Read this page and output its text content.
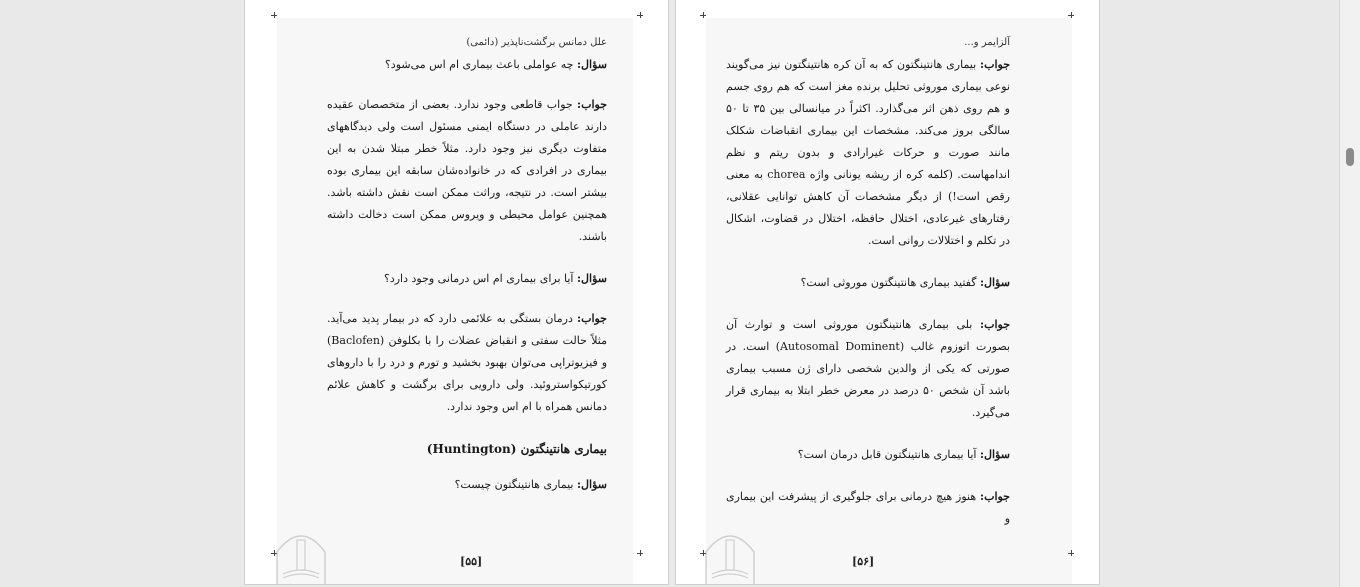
علل دمانس برگشت‌ناپذیر (دائمی)
سؤال: چه عواملی باعث بیماری ام اس می‌شود؟
جواب: جواب قاطعی وجود ندارد. بعضی از متخصصان عقیده دارند عاملی در دستگاه ایمنی مسئول است ولی دیدگاههای متفاوت دیگری نیز وجود دارد. مثلاً خطر مبتلا شدن به این بیماری در افرادی که در خانواده‌شان سابقه این بیماری بوده بیشتر است. در نتیجه، وراثت ممکن است نقش داشته باشد. همچنین عوامل محیطی و ویروس ممکن است دخالت داشته باشند.
سؤال: آیا برای بیماری ام اس درمانی وجود دارد؟
جواب: درمان بستگی به علائمی دارد که در بیمار پدید می‌آید. مثلاً حالت سفتی و انقباض عضلات را با بکلوفن (Baclofen) و فیزیوتراپی می‌توان بهبود بخشید و تورم و درد را با داروهای کورتیکواستروئید. ولی دارویی برای برگشت و کاهش علائم دمانس همراه با ام اس وجود ندارد.
بیماری هانتینگتون (Huntington)
سؤال: بیماری هانتینگتون چیست؟
[۵۵]
آلزایمر و...
جواب: بیماری هانتینگتون که به آن کره هانتینگتون نیز می‌گویند نوعی بیماری موروثی تحلیل برنده مغز است که هم روی جسم و هم روی ذهن اثر می‌گذارد. اکثراً در میانسالی بین ۳۵ تا ۵۰ سالگی بروز می‌کند. مشخصات این بیماری انقباضات شکلک مانند صورت و حرکات غیرارادی و بدون ریتم و نظم اندامهاست. (کلمه کره از ریشه یونانی واژه chorea به معنی رقص است!) از دیگر مشخصات آن کاهش توانایی عقلانی، رفتارهای غیرعادی، اختلال حافظه، اختلال در قضاوت، اشکال در تکلم و اختلالات روانی است.
سؤال: گفتید بیماری هانتینگتون موروثی است؟
جواب: بلی بیماری هانتینگتون موروثی است و توارث آن بصورت اتوزوم غالب (Autosomal Dominent) است. در صورتی که یکی از والدین شخصی دارای ژن مسبب بیماری باشد آن شخص ۵۰ درصد در معرض خطر ابتلا به بیماری قرار می‌گیرد.
سؤال: آیا بیماری هانتینگتون قابل درمان است؟
جواب: هنوز هیچ درمانی برای جلوگیری از پیشرفت این بیماری و
[۵۶]
